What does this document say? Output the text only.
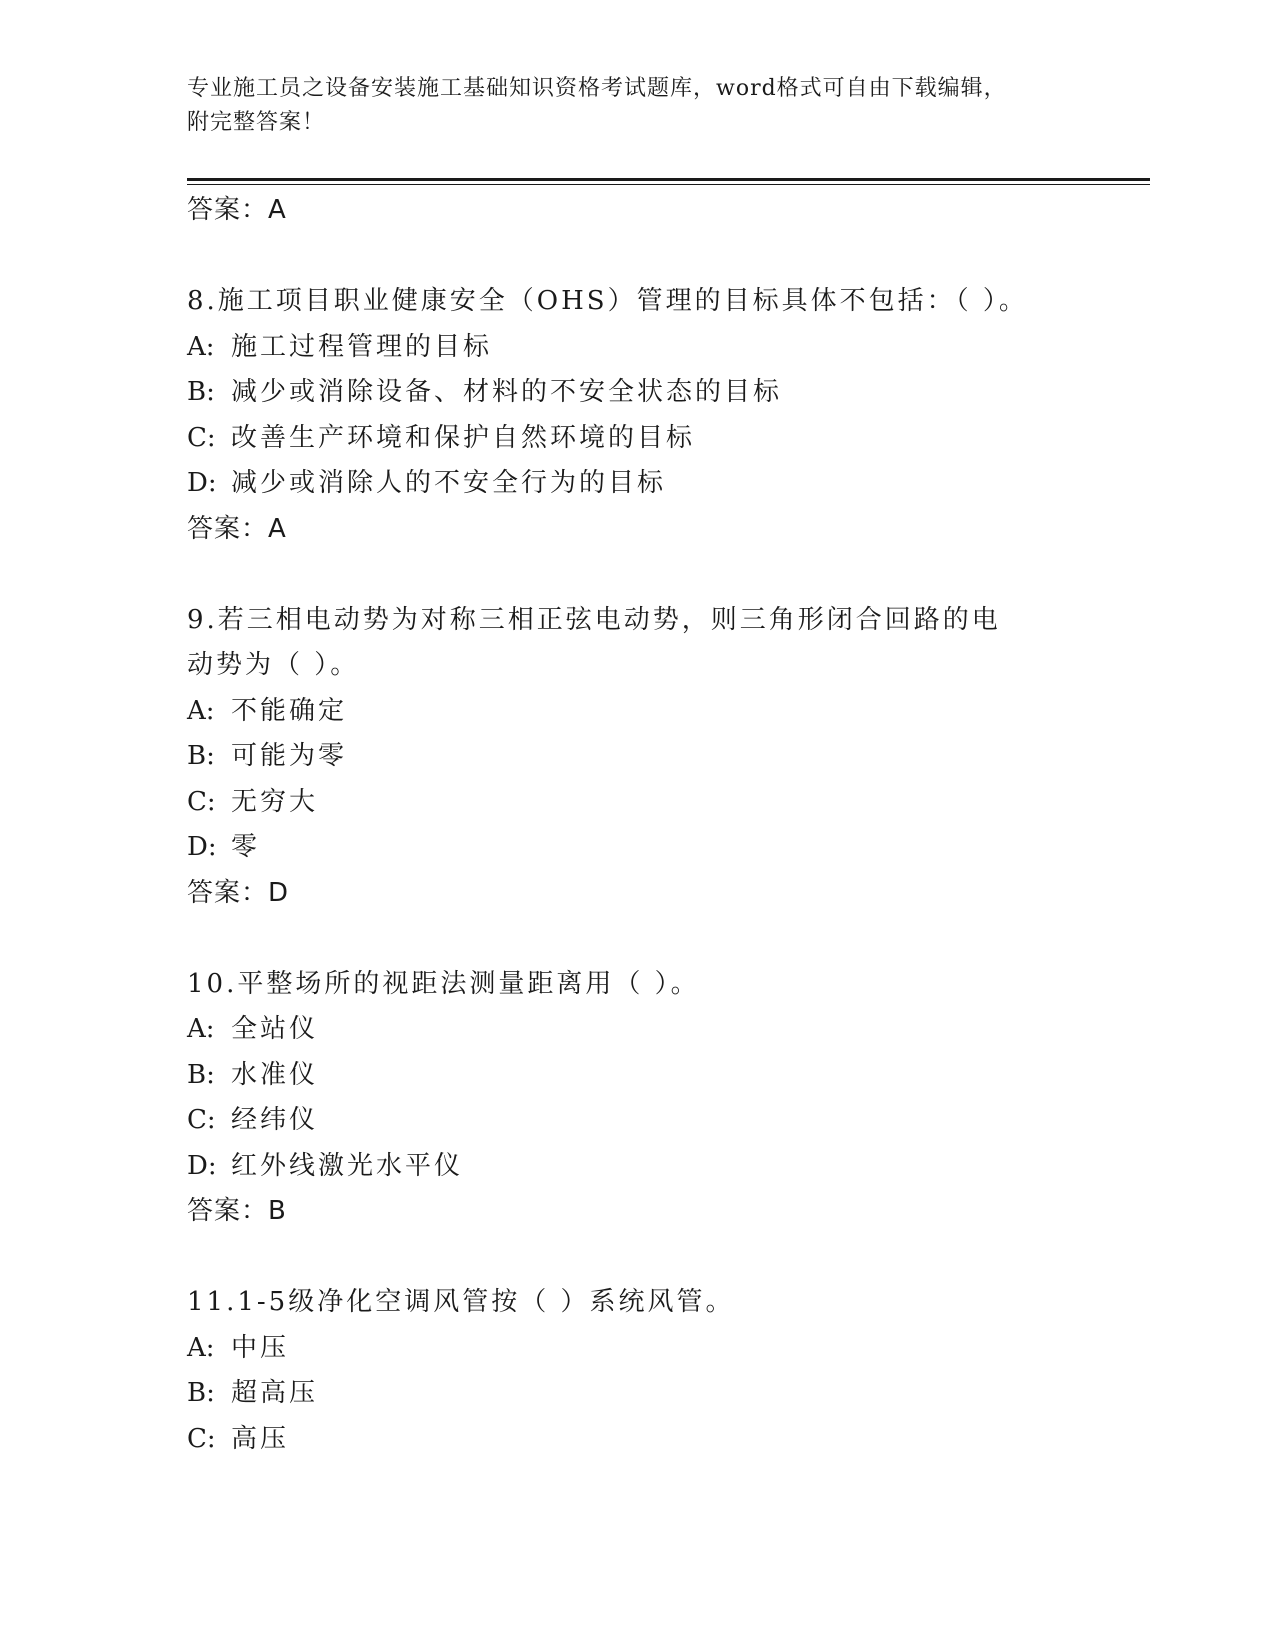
专业施工员之设备安装施工基础知识资格考试题库，word格式可自由下载编辑，
附完整答案！
答案：A
8.施工项目职业健康安全（OHS）管理的目标具体不包括：（ ）。
A: 施工过程管理的目标
B: 减少或消除设备、材料的不安全状态的目标
C: 改善生产环境和保护自然环境的目标
D: 减少或消除人的不安全行为的目标
答案：A
9.若三相电动势为对称三相正弦电动势，则三角形闭合回路的电动势为（ ）。
A: 不能确定
B: 可能为零
C: 无穷大
D: 零
答案：D
10.平整场所的视距法测量距离用（ ）。
A: 全站仪
B: 水准仪
C: 经纬仪
D: 红外线激光水平仪
答案：B
11.1-5级净化空调风管按（ ）系统风管。
A: 中压
B: 超高压
C: 高压
